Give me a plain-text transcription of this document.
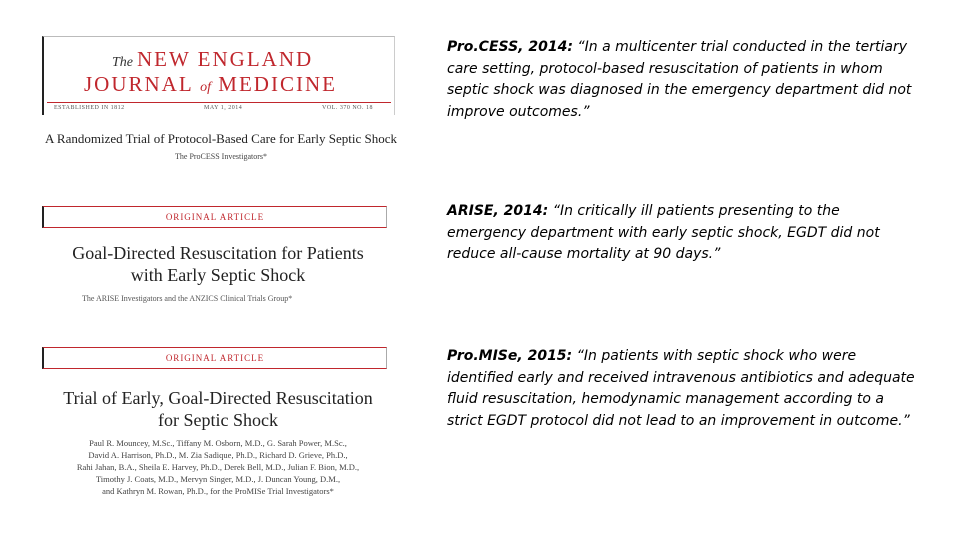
The NEW ENGLAND
JOURNAL of MEDICINE
ESTABLISHED IN 1812	MAY 1, 2014	VOL. 370 NO. 18
A Randomized Trial of Protocol-Based Care for Early Septic Shock
The ProCESS Investigators*
ORIGINAL ARTICLE
Goal-Directed Resuscitation for Patients
with Early Septic Shock
The ARISE Investigators and the ANZICS Clinical Trials Group*
ORIGINAL ARTICLE
Trial of Early, Goal-Directed Resuscitation
for Septic Shock
Paul R. Mouncey, M.Sc., Tiffany M. Osborn, M.D., G. Sarah Power, M.Sc.,
David A. Harrison, Ph.D., M. Zia Sadique, Ph.D., Richard D. Grieve, Ph.D.,
Rahi Jahan, B.A., Sheila E. Harvey, Ph.D., Derek Bell, M.D., Julian F. Bion, M.D.,
Timothy J. Coats, M.D., Mervyn Singer, M.D., J. Duncan Young, D.M.,
and Kathryn M. Rowan, Ph.D., for the ProMISe Trial Investigators*
Pro.CESS, 2014: “In a multicenter trial conducted in the tertiary care setting, protocol-based resuscitation of patients in whom septic shock was diagnosed in the emergency department did not improve outcomes.”
ARISE, 2014: “In critically ill patients presenting to the emergency department with early septic shock, EGDT did not reduce all-cause mortality at 90 days.”
Pro.MISe, 2015: “In patients with septic shock who were identified early and received intravenous antibiotics and adequate fluid resuscitation, hemodynamic management according to a strict EGDT protocol did not lead to an improvement in outcome.”
